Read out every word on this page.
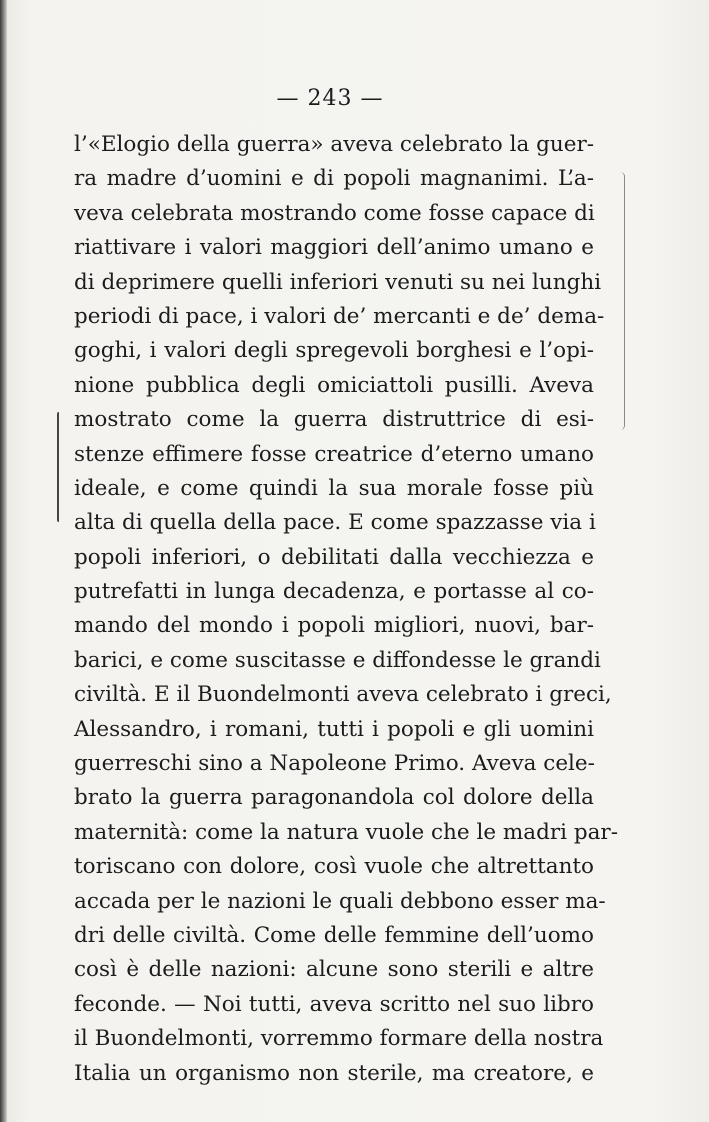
— 243 —
l’«Elogio della guerra» aveva celebrato la guer-
ra madre d’uomini e di popoli magnanimi. L’a-
veva celebrata mostrando come fosse capace di
riattivare i valori maggiori dell’animo umano e
di deprimere quelli inferiori venuti su nei lunghi
periodi di pace, i valori de’ mercanti e de’ dema-
goghi, i valori degli spregevoli borghesi e l’opi-
nione pubblica degli omiciattoli pusilli. Aveva
mostrato come la guerra distruttrice di esi-
stenze effimere fosse creatrice d’eterno umano
ideale, e come quindi la sua morale fosse più
alta di quella della pace. E come spazzasse via i
popoli inferiori, o debilitati dalla vecchiezza e
putrefatti in lunga decadenza, e portasse al co-
mando del mondo i popoli migliori, nuovi, bar-
barici, e come suscitasse e diffondesse le grandi
civiltà. E il Buondelmonti aveva celebrato i greci,
Alessandro, i romani, tutti i popoli e gli uomini
guerreschi sino a Napoleone Primo. Aveva cele-
brato la guerra paragonandola col dolore della
maternità: come la natura vuole che le madri par-
toriscano con dolore, così vuole che altrettanto
accada per le nazioni le quali debbono esser ma-
dri delle civiltà. Come delle femmine dell’uomo
così è delle nazioni: alcune sono sterili e altre
feconde. — Noi tutti, aveva scritto nel suo libro
il Buondelmonti, vorremmo formare della nostra
Italia un organismo non sterile, ma creatore, e
